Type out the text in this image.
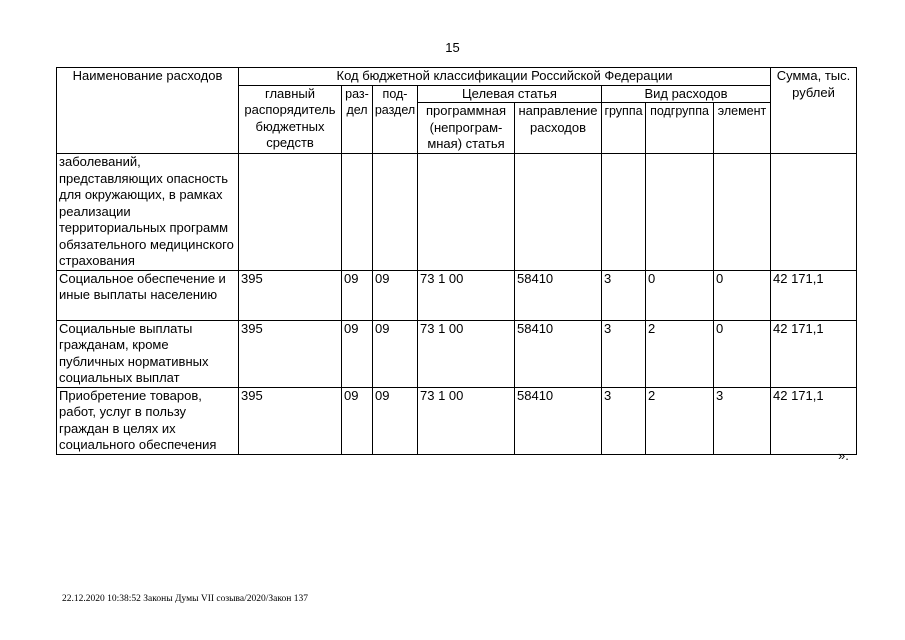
15
Наименование расходов	Код бюджетной классификации Российской Федерации								Сумма, тыс. рублей
	главный распорядитель бюджетных средств	раз-дел	под-раздел	Целевая статья		Вид расходов			
				программная (непрограм-мная) статья	направление расходов	группа	подгруппа	элемент	
заболеваний, представляющих опасность для окружающих, в рамках реализации территориальных программ обязательного медицинского страхования									
Социальное обеспечение и иные выплаты населению	395	09	09	73 1 00	58410	3	0	0	42 171,1
Социальные выплаты гражданам, кроме публичных нормативных социальных выплат	395	09	09	73 1 00	58410	3	2	0	42 171,1
Приобретение товаров, работ, услуг в пользу граждан в целях их социального обеспечения	395	09	09	73 1 00	58410	3	2	3	42 171,1
».
22.12.2020 10:38:52 Законы Думы VII созыва/2020/Закон 137
